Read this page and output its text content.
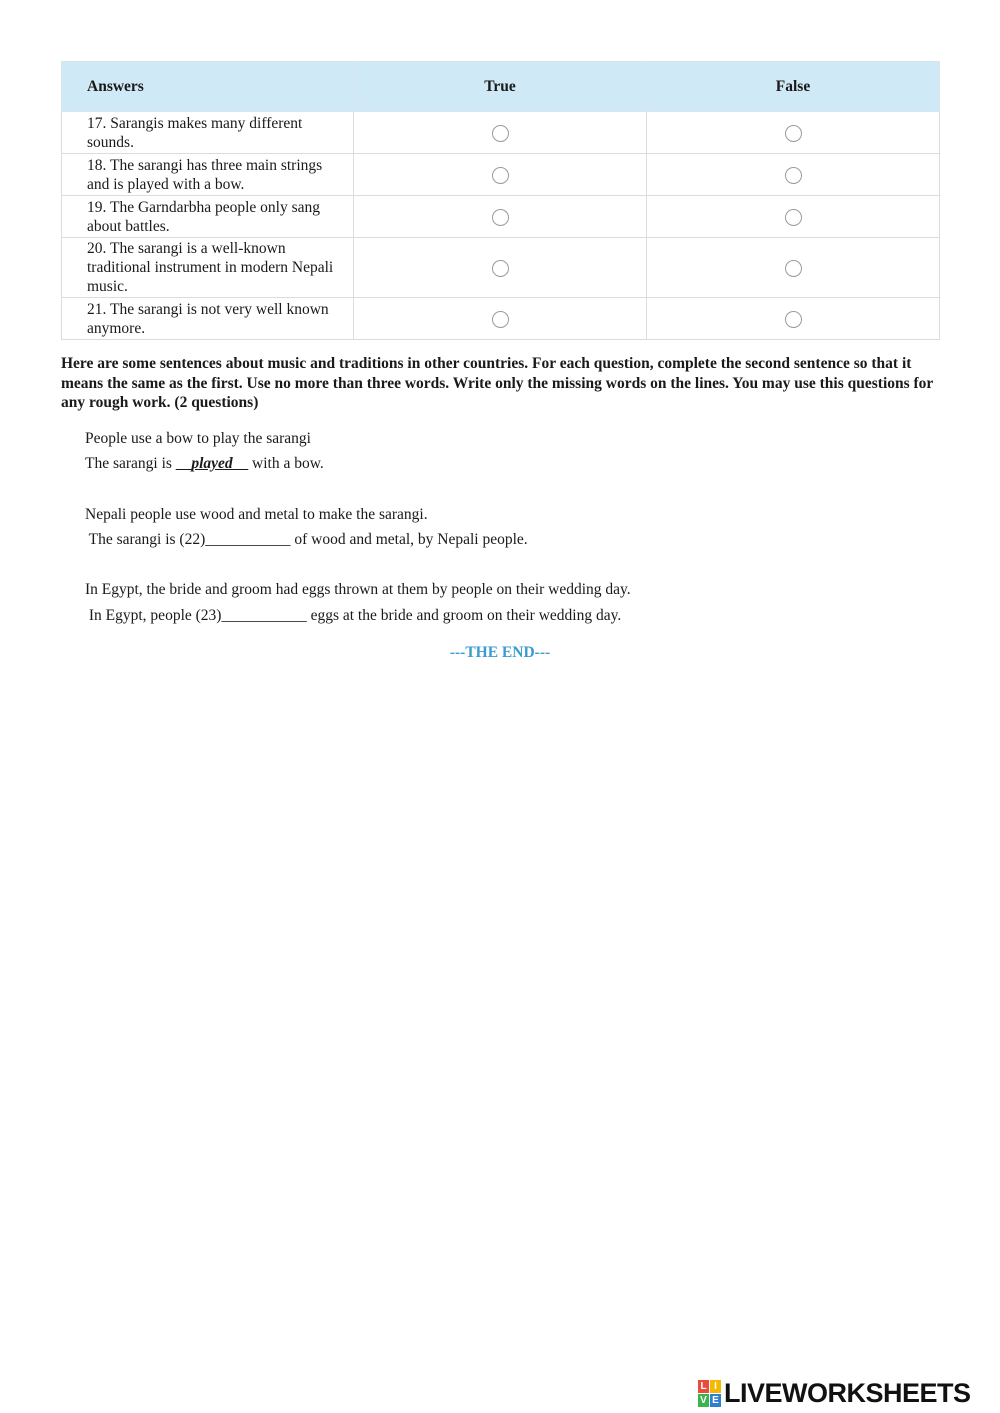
Answers	True	False
17. Sarangis makes many different sounds.		
18. The sarangi has three main strings and is played with a bow.		
19. The Garndarbha people only sang about battles.		
20. The sarangi is a well-known traditional instrument in modern Nepali music.		
21. The sarangi is not very well known anymore.		
Here are some sentences about music and traditions in other countries. For each question, complete the second sentence so that it means the same as the first. Use no more than three words. Write only the missing words on the lines. You may use this questions for any rough work. (2 questions)
People use a bow to play the sarangi
The sarangi is __played__ with a bow.
Nepali people use wood and metal to make the sarangi.
The sarangi is (22)___________ of wood and metal, by Nepali people.
In Egypt, the bride and groom had eggs thrown at them by people on their wedding day.
In Egypt, people (23)___________ eggs at the bride and groom on their wedding day.
---THE END---
L I
V E LIVEWORKSHEETS
